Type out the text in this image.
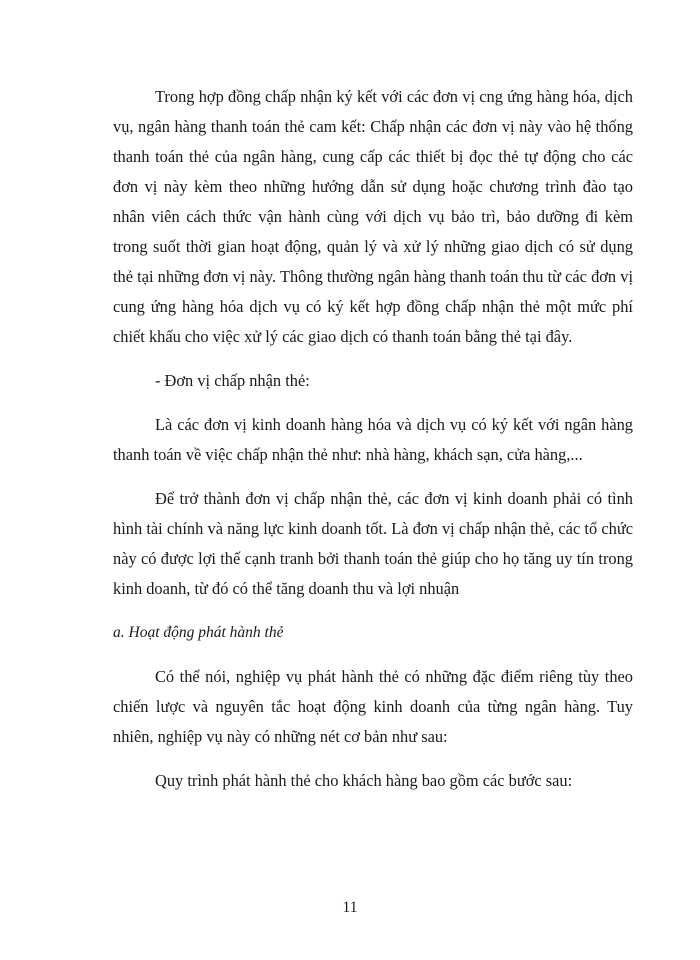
Trong hợp đồng chấp nhận ký kết với các đơn vị cng ứng hàng hóa, dịch vụ, ngân hàng thanh toán thẻ cam kết: Chấp nhận các đơn vị này vào hệ thống thanh toán thẻ của ngân hàng, cung cấp các thiết bị đọc thẻ tự động cho các đơn vị này kèm theo những hướng dẫn sử dụng hoặc chương trình đào tạo nhân viên cách thức vận hành cùng với dịch vụ bảo trì, bảo dưỡng đi kèm trong suốt thời gian hoạt động, quản lý và xử lý những giao dịch có sử dụng thẻ tại những đơn vị này. Thông thường ngân hàng thanh toán thu từ các đơn vị cung ứng hàng hóa dịch vụ có ký kết hợp đồng chấp nhận thẻ một mức phí chiết khấu cho việc xử lý các giao dịch có thanh toán bằng thẻ tại đây.

- Đơn vị chấp nhận thẻ:

Là các đơn vị kinh doanh hàng hóa và dịch vụ có ký kết với ngân hàng thanh toán về việc chấp nhận thẻ như: nhà hàng, khách sạn, cửa hàng,...

Để trở thành đơn vị chấp nhận thẻ, các đơn vị kinh doanh phải có tình hình tài chính và năng lực kinh doanh tốt. Là đơn vị chấp nhận thẻ, các tổ chức này có được lợi thế cạnh tranh bởi thanh toán thẻ giúp cho họ tăng uy tín trong kinh doanh, từ đó có thể tăng doanh thu và lợi nhuận

a. Hoạt động phát hành thẻ

Có thể nói, nghiệp vụ phát hành thẻ có những đặc điểm riêng tùy theo chiến lược và nguyên tắc hoạt động kinh doanh của từng ngân hàng. Tuy nhiên, nghiệp vụ này có những nét cơ bản như sau:

Quy trình phát hành thẻ cho khách hàng bao gồm các bước sau:

11
